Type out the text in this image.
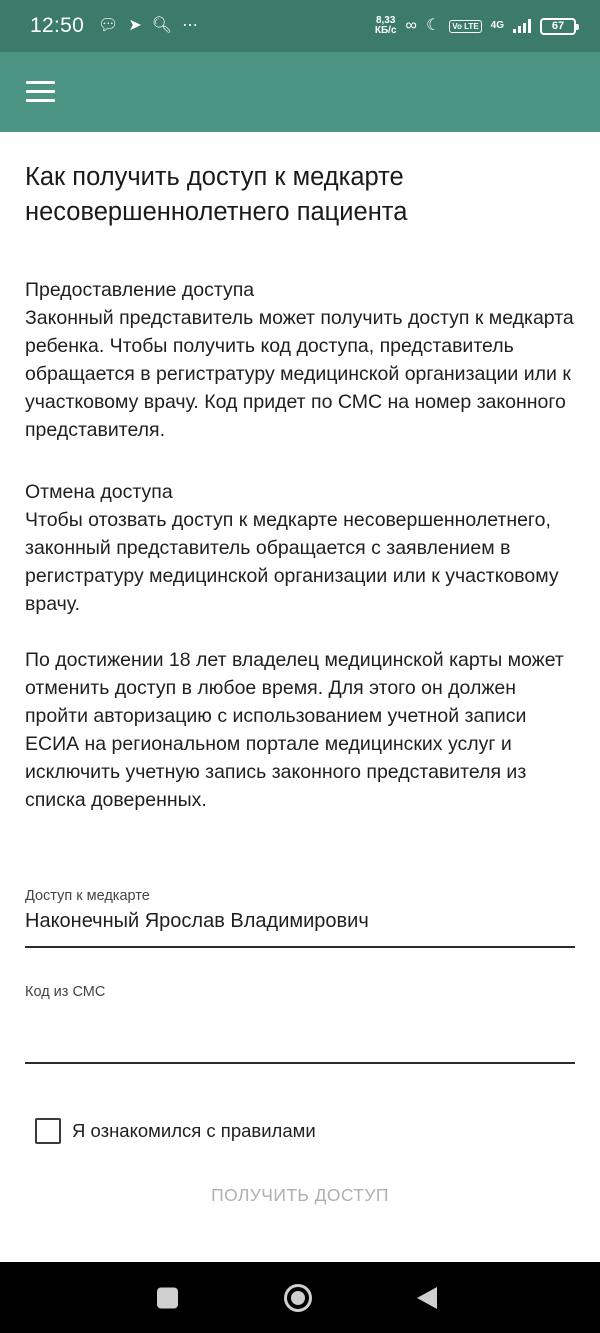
12:50 💬︎ ➤ 🔍︎ ⋯	8,33
КБ/с ∞ ☾	Vo LTE	4G	67
Как получить доступ к медкарте несовершеннолетнего пациента
Предоставление доступа
Законный представитель может получить доступ к медкарта ребенка. Чтобы получить код доступа, представитель обращается в регистратуру медицинской организации или к участковому врачу. Код придет по СМС на номер законного представителя.
Отмена доступа
Чтобы отозвать доступ к медкарте несовершеннолетнего, законный представитель обращается с заявлением в регистратуру медицинской организации или к участковому врачу.
По достижении 18 лет владелец медицинской карты может отменить доступ в любое время. Для этого он должен пройти авторизацию с использованием учетной записи ЕСИА на региональном портале медицинских услуг и исключить учетную запись законного представителя из списка доверенных.
Доступ к медкарте
Наконечный Ярослав Владимирович
Код из СМС
Я ознакомился с правилами
ПОЛУЧИТЬ ДОСТУП
